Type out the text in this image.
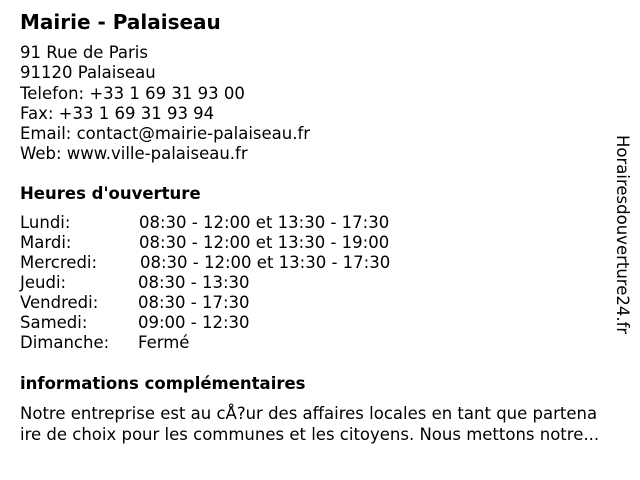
Mairie - Palaiseau
91 Rue de Paris
91120 Palaiseau
Telefon: +33 1 69 31 93 00
Fax: +33 1 69 31 93 94
Email: contact@mairie-palaiseau.fr
Web: www.ville-palaiseau.fr
Heures d'ouverture
Lundi:	08:30 - 12:00 et 13:30 - 17:30
Mardi:	08:30 - 12:00 et 13:30 - 19:00
Mercredi:	08:30 - 12:00 et 13:30 - 17:30
Jeudi:	08:30 - 13:30
Vendredi: 08:30 - 17:30
Samedi:	09:00 - 12:30
Dimanche: Fermé
informations complémentaires
Notre entreprise est au cÅ?ur des affaires locales en tant que partena
ire de choix pour les communes et les citoyens. Nous mettons notre...
Horairesdouverture24.fr
